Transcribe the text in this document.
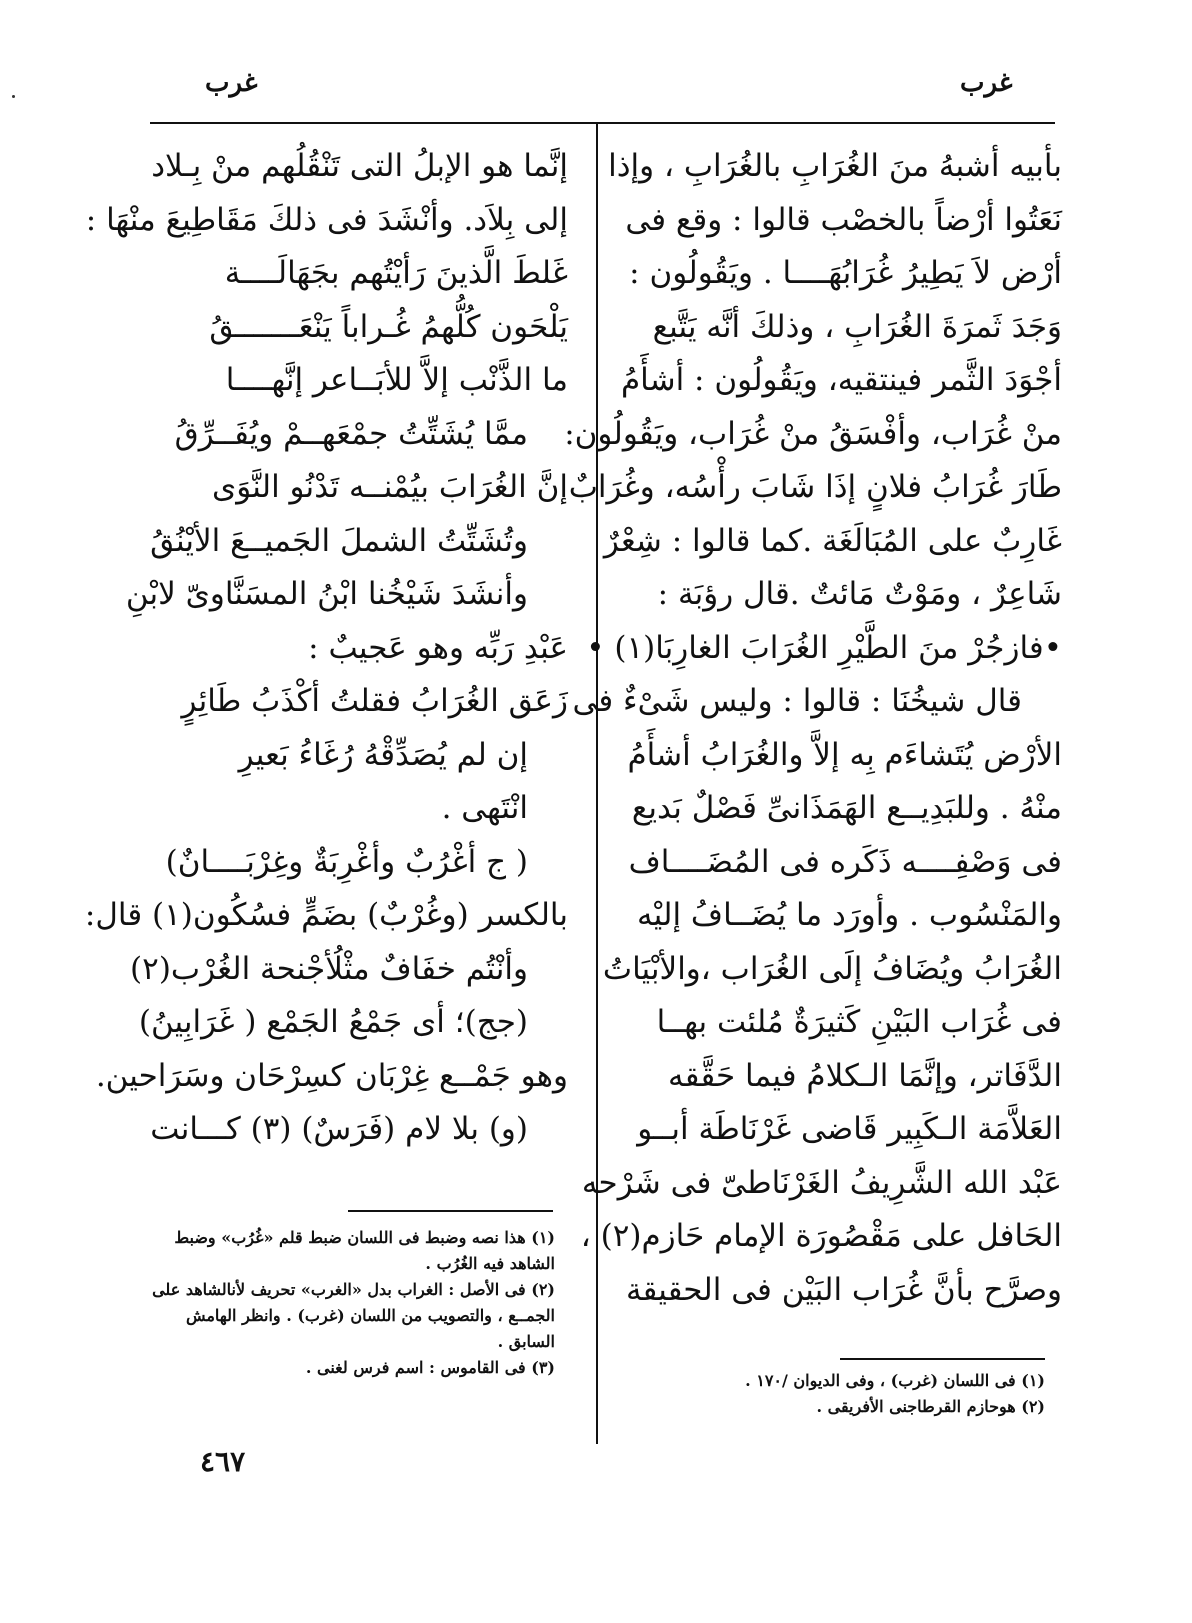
غرب	غرب
بأبيه أشبهُ منَ الغُرَابِ بالغُرَابِ ، وإذا
نَعَتُوا أرْضاً بالخصْب قالوا : وقع فى
أرْض لاَ يَطِيرُ غُرَابُهَــــا . ويَقُولُون :
وَجَدَ ثَمرَةَ الغُرَابِ ، وذلكَ أنَّه يَتَّبع
أجْوَدَ الثَّمر فينتقيه، ويَقُولُون : أشأَمُ
منْ غُرَاب، وأفْسَقُ منْ غُرَاب، ويَقُولُون:
طَارَ غُرَابُ فلانٍ إذَا شَابَ رأْسُه، وغُرَابٌ
غَارِبٌ على المُبَالَغَة .كما قالوا : شِعْرٌ
شَاعِرٌ ، ومَوْتٌ مَائتٌ .قال رؤبَة :
•فازجُرْ منَ الطَّيْرِ الغُرَابَ الغارِبَا(١) •
قال شيخُنَا : قالوا : وليس شَىْءٌ فى
الأرْض يُتَشاءَم بِه إلاَّ والغُرَابُ أشأَمُ
منْهُ . وللبَدِيــع الهَمَذَانىِّ فَصْلٌ بَديع
فى وَصْفِــــه ذَكَره فى المُضَــــاف
والمَنْسُوب . وأورَد ما يُضَــافُ إليْه
الغُرَابُ ويُضَافُ إلَى الغُرَاب ،والأبْيَاتُ
فى غُرَاب البَيْنِ كَثيرَةٌ مُلئت بهــا
الدَّفَاتر، وإنَّمَا الـكلامُ فيما حَقَّقه
العَلاَّمَة الـكَبِير قَاضى غَرْنَاطَة أبــو
عَبْد الله الشَّرِيفُ الغَرْنَاطىّ فى شَرْحه
الحَافل على مَقْصُورَة الإمام حَازم(٢) ،
وصرَّح بأنَّ غُرَاب البَيْن فى الحقيقة
(١) فى اللسان (غرب) ، وفى الديوان /١٧٠ .
(٢) هوحازم القرطاجنى الأفريقى .
إنَّما هو الإبلُ التى تَنْقُلُهم منْ بِـلاد
إلى بِلاَد. وأنْشَدَ فى ذلكَ مَقَاطِيعَ منْهَا :
غَلطَ الَّذينَ رَأيْتُهم بجَهَالَــــة
يَلْحَون كُلُّهمُ غُـراباً يَنْعَـــــــقُ
ما الذَّنْب إلاَّ للأبَــاعر إنَّهــــا
ممَّا يُشَتِّتُ جمْعَهــمْ ويُفَــرِّقُ
إنَّ الغُرَابَ بيُمْنــه تَدْنُو النَّوَى
وتُشَتِّتُ الشملَ الجَميــعَ الأيْنُقُ
وأنشَدَ شَيْخُنا ابْنُ المسَنَّاوىّ لابْنِ
عَبْدِ رَبِّه وهو عَجيبٌ :
زَعَق الغُرَابُ فقلتُ أكْذَبُ طَائِرٍ
إن لم يُصَدِّقْهُ رُغَاءُ بَعيرِ
انْتَهى .
( ج أغْرُبٌ وأغْرِبَةٌ وغِرْبَــــانٌ)
بالكسر (وغُرْبٌ) بضَمٍّ فسُكُون(١) قال:
وأنْتُم خفَافٌ مثْلُأجْنحة الغُرْب(٢)
(جج)؛ أى جَمْعُ الجَمْع ( غَرَابِينُ)
وهو جَمْــع غِرْبَان كسِرْحَان وسَرَاحين.
(و) بلا لام (فَرَسٌ) (٣) كـــانت
(١) هذا نصه وضبط فى اللسان ضبط قلم «غُرُب» وضبط الشاهد فيه الغُرُب .
(٢) فى الأصل : الغراب بدل «الغرب» تحريف لأنالشاهد على الجمــع ، والتصويب من اللسان (غرب) . وانظر الهامش السابق .
(٣) فى القاموس : اسم فرس لغنى .
٤٦٧
